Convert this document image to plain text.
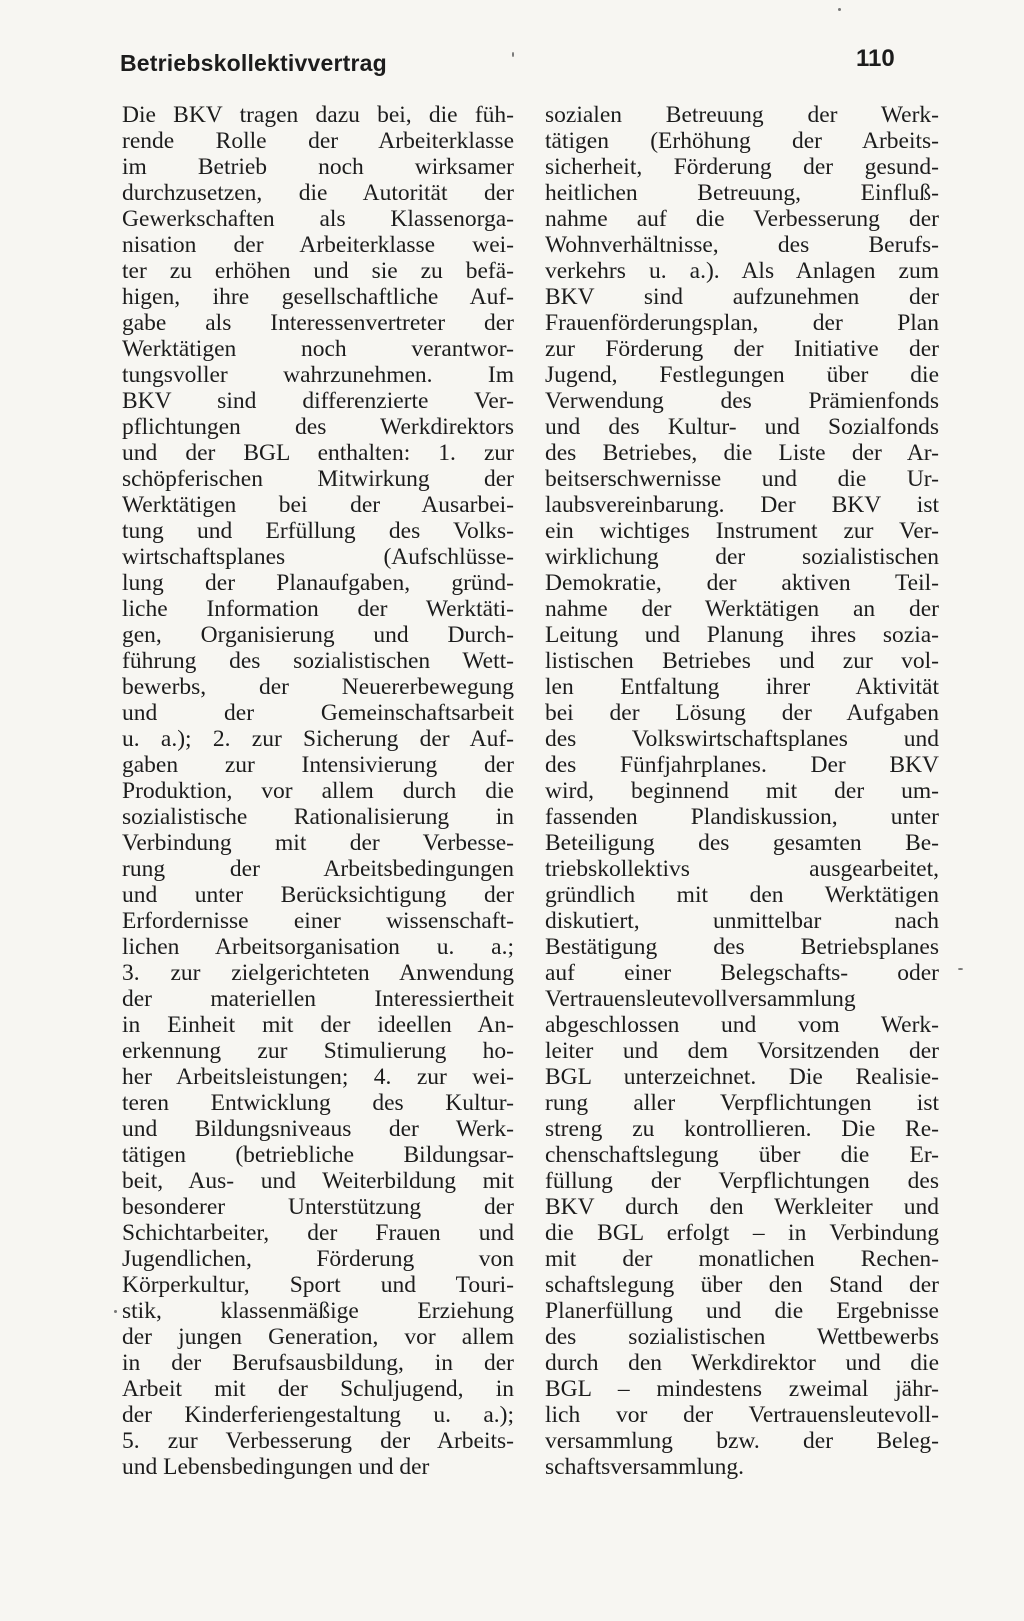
Betriebskollektivvertrag	110
Die BKV tragen dazu bei, die füh-
rende Rolle der Arbeiterklasse
im Betrieb noch wirksamer
durchzusetzen, die Autorität der
Gewerkschaften als Klassenorga-
nisation der Arbeiterklasse wei-
ter zu erhöhen und sie zu befä-
higen, ihre gesellschaftliche Auf-
gabe als Interessenvertreter der
Werktätigen noch verantwor-
tungsvoller wahrzunehmen. Im
BKV sind differenzierte Ver-
pflichtungen des Werkdirektors
und der BGL enthalten: 1. zur
schöpferischen Mitwirkung der
Werktätigen bei der Ausarbei-
tung und Erfüllung des Volks-
wirtschaftsplanes (Aufschlüsse-
lung der Planaufgaben, gründ-
liche Information der Werktäti-
gen, Organisierung und Durch-
führung des sozialistischen Wett-
bewerbs, der Neuererbewegung
und der Gemeinschaftsarbeit
u. a.); 2. zur Sicherung der Auf-
gaben zur Intensivierung der
Produktion, vor allem durch die
sozialistische Rationalisierung in
Verbindung mit der Verbesse-
rung der Arbeitsbedingungen
und unter Berücksichtigung der
Erfordernisse einer wissenschaft-
lichen Arbeitsorganisation u. a.;
3. zur zielgerichteten Anwendung
der materiellen Interessiertheit
in Einheit mit der ideellen An-
erkennung zur Stimulierung ho-
her Arbeitsleistungen; 4. zur wei-
teren Entwicklung des Kultur-
und Bildungsniveaus der Werk-
tätigen (betriebliche Bildungsar-
beit, Aus- und Weiterbildung mit
besonderer Unterstützung der
Schichtarbeiter, der Frauen und
Jugendlichen, Förderung von
Körperkultur, Sport und Touri-
stik, klassenmäßige Erziehung
der jungen Generation, vor allem
in der Berufsausbildung, in der
Arbeit mit der Schuljugend, in
der Kinderferiengestaltung u. a.);
5. zur Verbesserung der Arbeits-
und Lebensbedingungen und der
sozialen Betreuung der Werk-
tätigen (Erhöhung der Arbeits-
sicherheit, Förderung der gesund-
heitlichen Betreuung, Einfluß-
nahme auf die Verbesserung der
Wohnverhältnisse, des Berufs-
verkehrs u. a.). Als Anlagen zum
BKV sind aufzunehmen der
Frauenförderungsplan, der Plan
zur Förderung der Initiative der
Jugend, Festlegungen über die
Verwendung des Prämienfonds
und des Kultur- und Sozialfonds
des Betriebes, die Liste der Ar-
beitserschwernisse und die Ur-
laubsvereinbarung. Der BKV ist
ein wichtiges Instrument zur Ver-
wirklichung der sozialistischen
Demokratie, der aktiven Teil-
nahme der Werktätigen an der
Leitung und Planung ihres sozia-
listischen Betriebes und zur vol-
len Entfaltung ihrer Aktivität
bei der Lösung der Aufgaben
des Volkswirtschaftsplanes und
des Fünfjahrplanes. Der BKV
wird, beginnend mit der um-
fassenden Plandiskussion, unter
Beteiligung des gesamten Be-
triebskollektivs ausgearbeitet,
gründlich mit den Werktätigen
diskutiert, unmittelbar nach
Bestätigung des Betriebsplanes
auf einer Belegschafts- oder
Vertrauensleutevollversammlung
abgeschlossen und vom Werk-
leiter und dem Vorsitzenden der
BGL unterzeichnet. Die Realisie-
rung aller Verpflichtungen ist
streng zu kontrollieren. Die Re-
chenschaftslegung über die Er-
füllung der Verpflichtungen des
BKV durch den Werkleiter und
die BGL erfolgt – in Verbindung
mit der monatlichen Rechen-
schaftslegung über den Stand der
Planerfüllung und die Ergebnisse
des sozialistischen Wettbewerbs
durch den Werkdirektor und die
BGL – mindestens zweimal jähr-
lich vor der Vertrauensleutevoll-
versammlung bzw. der Beleg-
schaftsversammlung.
